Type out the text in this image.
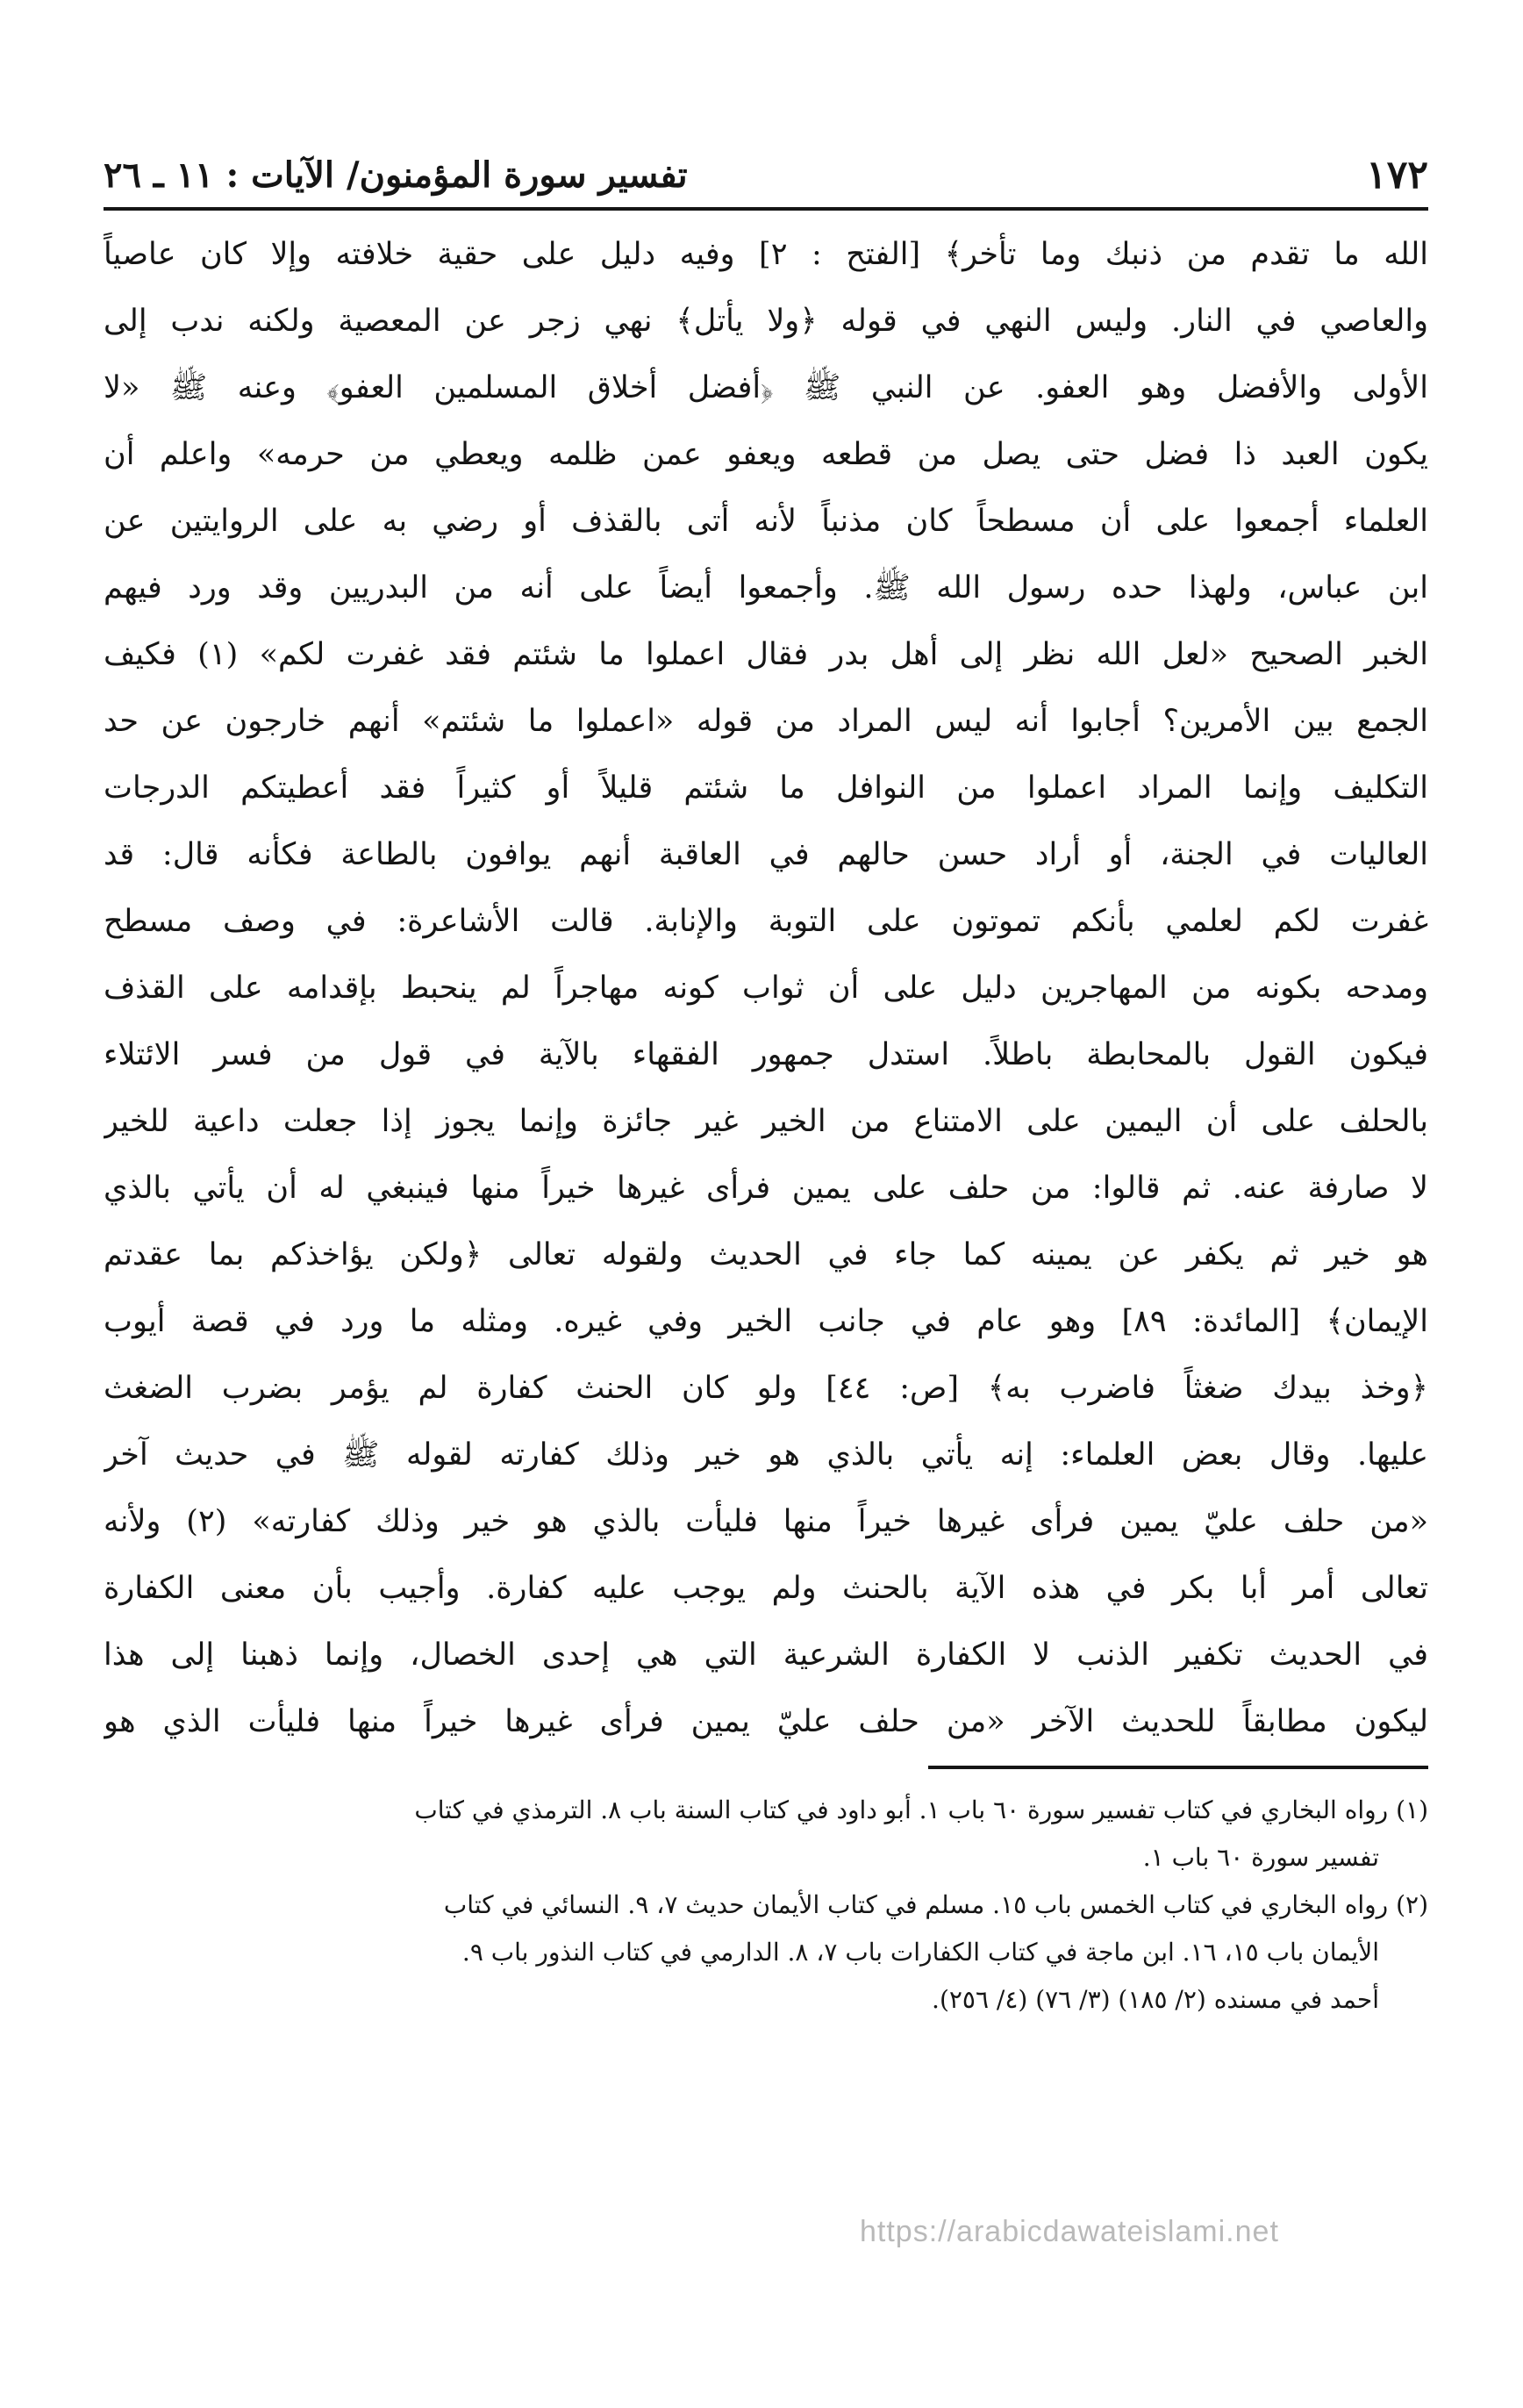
١٧٢
تفسير سورة المؤمنون/ الآيات : ١١ ـ ٢٦
الله ما تقدم من ذنبك وما تأخر﴾ [الفتح : ٢] وفيه دليل على حقية خلافته وإلا كان عاصياً
والعاصي في النار. وليس النهي في قوله ﴿ولا يأتل﴾ نهي زجر عن المعصية ولكنه ندب إلى
الأولى والأفضل وهو العفو. عن النبي ﷺ ﴿أفضل أخلاق المسلمين العفو﴾ وعنه ﷺ «لا
يكون العبد ذا فضل حتى يصل من قطعه ويعفو عمن ظلمه ويعطي من حرمه» واعلم أن
العلماء أجمعوا على أن مسطحاً كان مذنباً لأنه أتى بالقذف أو رضي به على الروايتين عن
ابن عباس، ولهذا حده رسول الله ﷺ. وأجمعوا أيضاً على أنه من البدريين وقد ورد فيهم
الخبر الصحيح «لعل الله نظر إلى أهل بدر فقال اعملوا ما شئتم فقد غفرت لكم» (١) فكيف
الجمع بين الأمرين؟ أجابوا أنه ليس المراد من قوله «اعملوا ما شئتم» أنهم خارجون عن حد
التكليف وإنما المراد اعملوا من النوافل ما شئتم قليلاً أو كثيراً فقد أعطيتكم الدرجات
العاليات في الجنة، أو أراد حسن حالهم في العاقبة أنهم يوافون بالطاعة فكأنه قال: قد
غفرت لكم لعلمي بأنكم تموتون على التوبة والإنابة. قالت الأشاعرة: في وصف مسطح
ومدحه بكونه من المهاجرين دليل على أن ثواب كونه مهاجراً لم ينحبط بإقدامه على القذف
فيكون القول بالمحابطة باطلاً. استدل جمهور الفقهاء بالآية في قول من فسر الائتلاء
بالحلف على أن اليمين على الامتناع من الخير غير جائزة وإنما يجوز إذا جعلت داعية للخير
لا صارفة عنه. ثم قالوا: من حلف على يمين فرأى غيرها خيراً منها فينبغي له أن يأتي بالذي
هو خير ثم يكفر عن يمينه كما جاء في الحديث ولقوله تعالى ﴿ولكن يؤاخذكم بما عقدتم
الإيمان﴾ [المائدة: ٨٩] وهو عام في جانب الخير وفي غيره. ومثله ما ورد في قصة أيوب
﴿وخذ بيدك ضغثاً فاضرب به﴾ [ص: ٤٤] ولو كان الحنث كفارة لم يؤمر بضرب الضغث
عليها. وقال بعض العلماء: إنه يأتي بالذي هو خير وذلك كفارته لقوله ﷺ في حديث آخر
«من حلف عليّ يمين فرأى غيرها خيراً منها فليأت بالذي هو خير وذلك كفارته» (٢) ولأنه
تعالى أمر أبا بكر في هذه الآية بالحنث ولم يوجب عليه كفارة. وأجيب بأن معنى الكفارة
في الحديث تكفير الذنب لا الكفارة الشرعية التي هي إحدى الخصال، وإنما ذهبنا إلى هذا
ليكون مطابقاً للحديث الآخر «من حلف عليّ يمين فرأى غيرها خيراً منها فليأت الذي هو
(١) رواه البخاري في كتاب تفسير سورة ٦٠ باب ١. أبو داود في كتاب السنة باب ٨. الترمذي في كتاب
تفسير سورة ٦٠ باب ١.
(٢) رواه البخاري في كتاب الخمس باب ١٥. مسلم في كتاب الأيمان حديث ٧، ٩. النسائي في كتاب
الأيمان باب ١٥، ١٦. ابن ماجة في كتاب الكفارات باب ٧، ٨. الدارمي في كتاب النذور باب ٩.
أحمد في مسنده (٢/ ١٨٥) (٣/ ٧٦) (٤/ ٢٥٦).
https://arabicdawateislami.net
